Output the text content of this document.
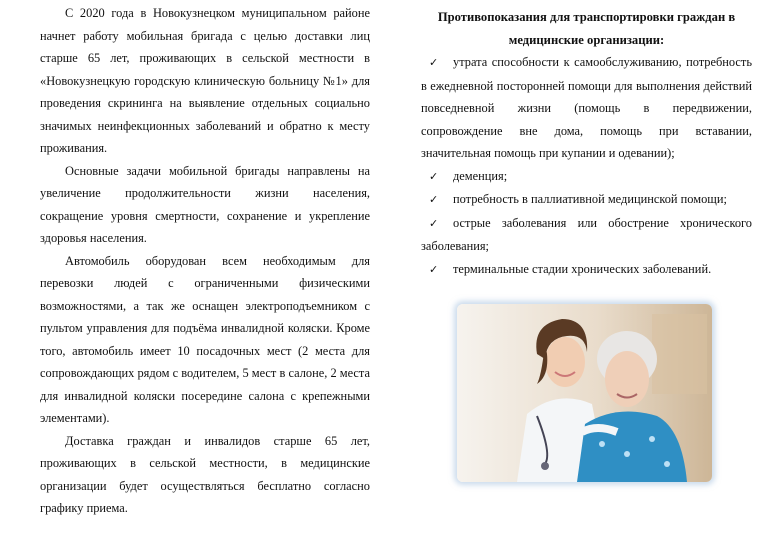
С 2020 года в Новокузнецком муниципальном районе начнет работу мобильная бригада с целью доставки лиц старше 65 лет, проживающих в сельской местности в «Новокузнецкую городскую клиническую больницу №1» для проведения скрининга на выявление отдельных социально значимых неинфекционных заболеваний и обратно к месту проживания.

Основные задачи мобильной бригады направлены на увеличение продолжительности жизни населения, сокращение уровня смертности, сохранение и укрепление здоровья населения.

Автомобиль оборудован всем необходимым для перевозки людей с ограниченными физическими возможностями, а так же оснащен электроподъемником с пультом управления для подъёма инвалидной коляски. Кроме того, автомобиль имеет 10 посадочных мест (2 места для сопровождающих рядом с водителем, 5 мест в салоне, 2 места для инвалидной коляски посередине салона с крепежными элементами).

Доставка граждан и инвалидов старше 65 лет, проживающих в сельской местности, в медицинские организации будет осуществляться бесплатно согласно графику приема.

Противопоказания для транспортировки граждан в медицинские организации:
✓ утрата способности к самообслуживанию, потребность в ежедневной посторонней помощи для выполнения действий повседневной жизни (помощь в передвижении, сопровождение вне дома, помощь при вставании, значительная помощь при купании и одевании);
✓ деменция;
✓ потребность в паллиативной медицинской помощи;
✓ острые заболевания или обострение хронического заболевания;
✓ терминальные стадии хронических заболеваний.
